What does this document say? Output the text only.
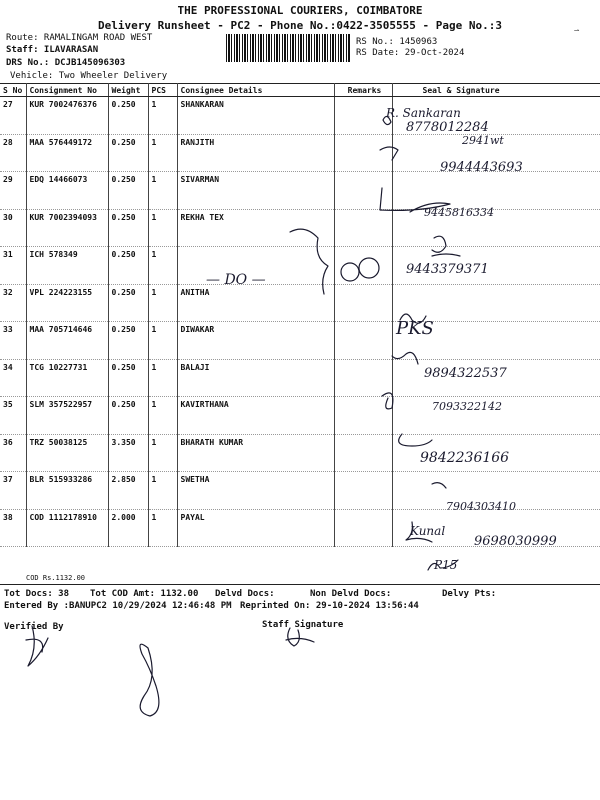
THE PROFESSIONAL COURIERS, COIMBATORE
Delivery Runsheet - PC2 - Phone No.:0422-3505555 - Page No.:3	⇀
Route: RAMALINGAM ROAD WEST
Staff: ILAVARASAN
DRS No.: DCJB145096303
Vehicle: Two Wheeler Delivery
RS No.: 1450963
RS Date: 29-Oct-2024
S No	Consignment No	Weight	PCS	Consignee Details	Remarks	Seal & Signature
27	KUR 7002476376	0.250	1	SHANKARAN		
28	MAA 576449172	0.250	1	RANJITH		
29	EDQ 14466073	0.250	1	SIVARMAN		
30	KUR 7002394093	0.250	1	REKHA TEX		
31	ICH 578349	0.250	1			
32	VPL 224223155	0.250	1	ANITHA		
33	MAA 705714646	0.250	1	DIWAKAR		
34	TCG 10227731	0.250	1	BALAJI		
35	SLM 357522957	0.250	1	KAVIRTHANA		
36	TRZ 50038125	3.350	1	BHARATH KUMAR		
37	BLR 515933286	2.850	1	SWETHA		
38	COD 1112178910	2.000	1	PAYAL		
COD Rs.1132.00
Tot Docs: 38 Tot COD Amt: 1132.00 Delvd Docs:	Non Delvd Docs:	Delvy Pts:
Entered By :BANUPC2 10/29/2024 12:46:48 PM Reprinted On: 29-10-2024 13:56:44
Verified By	Staff Signature
R. Sankaran
8778012284
2941wt
9944443693
9445816334
— DO —
9443379371
PKS
9894322537
7093322142
9842236166
7904303410
Kunal
9698030999
P15
